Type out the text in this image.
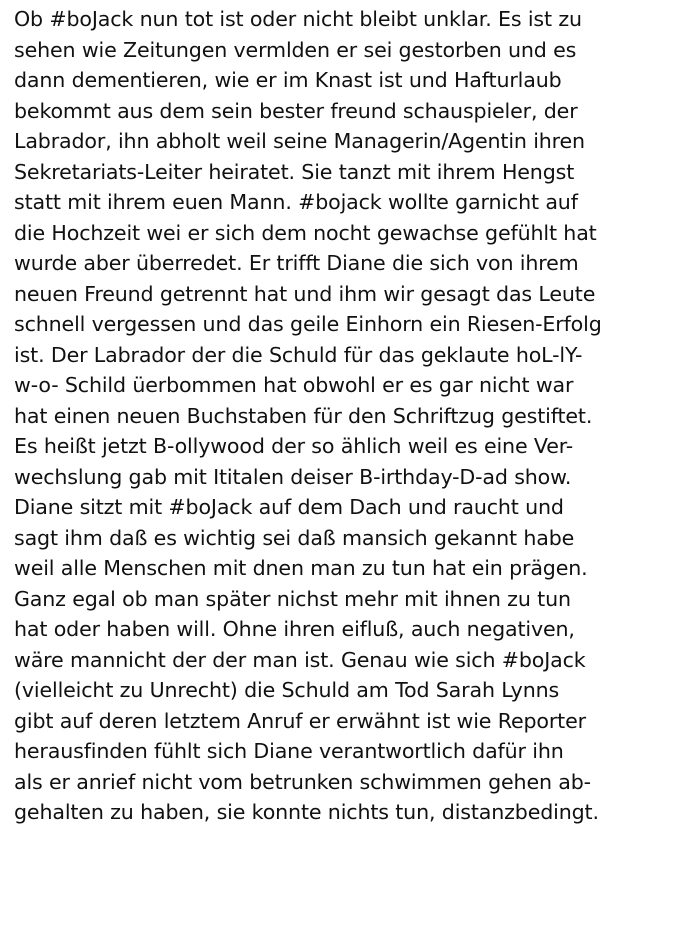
Ob #boJack nun tot ist oder nicht bleibt unklar. Es ist zu
sehen wie Zeitungen vermlden er sei gestorben und es
dann dementieren, wie er im Knast ist und Hafturlaub
bekommt aus dem sein bester freund schauspieler, der
Labrador, ihn abholt weil seine Managerin/Agentin ihren
Sekretariats-Leiter heiratet. Sie tanzt mit ihrem Hengst
statt mit ihrem euen Mann. #bojack wollte garnicht auf
die Hochzeit wei er sich dem nocht gewachse gefühlt hat
wurde aber überredet. Er trifft Diane die sich von ihrem
neuen Freund getrennt hat und ihm wir gesagt das Leute
schnell vergessen und das geile Einhorn ein Riesen-Erfolg
ist. Der Labrador der die Schuld für das geklaute hoL-lY-
w-o- Schild üerbommen hat obwohl er es gar nicht war
hat einen neuen Buchstaben für den Schriftzug gestiftet.
Es heißt jetzt B-ollywood der so ählich weil es eine Ver-
wechslung gab mit Ititalen deiser B-irthday-D-ad show.
Diane sitzt mit #boJack auf dem Dach und raucht und
sagt ihm daß es wichtig sei daß mansich gekannt habe
weil alle Menschen mit dnen man zu tun hat ein prägen.
Ganz egal ob man später nichst mehr mit ihnen zu tun
hat oder haben will. Ohne ihren eifluß, auch negativen,
wäre mannicht der der man ist. Genau wie sich #boJack
(vielleicht zu Unrecht) die Schuld am Tod Sarah Lynns
gibt auf deren letztem Anruf er erwähnt ist wie Reporter
herausfinden fühlt sich Diane verantwortlich dafür ihn
als er anrief nicht vom betrunken schwimmen gehen ab-
gehalten zu haben, sie konnte nichts tun, distanzbedingt.
